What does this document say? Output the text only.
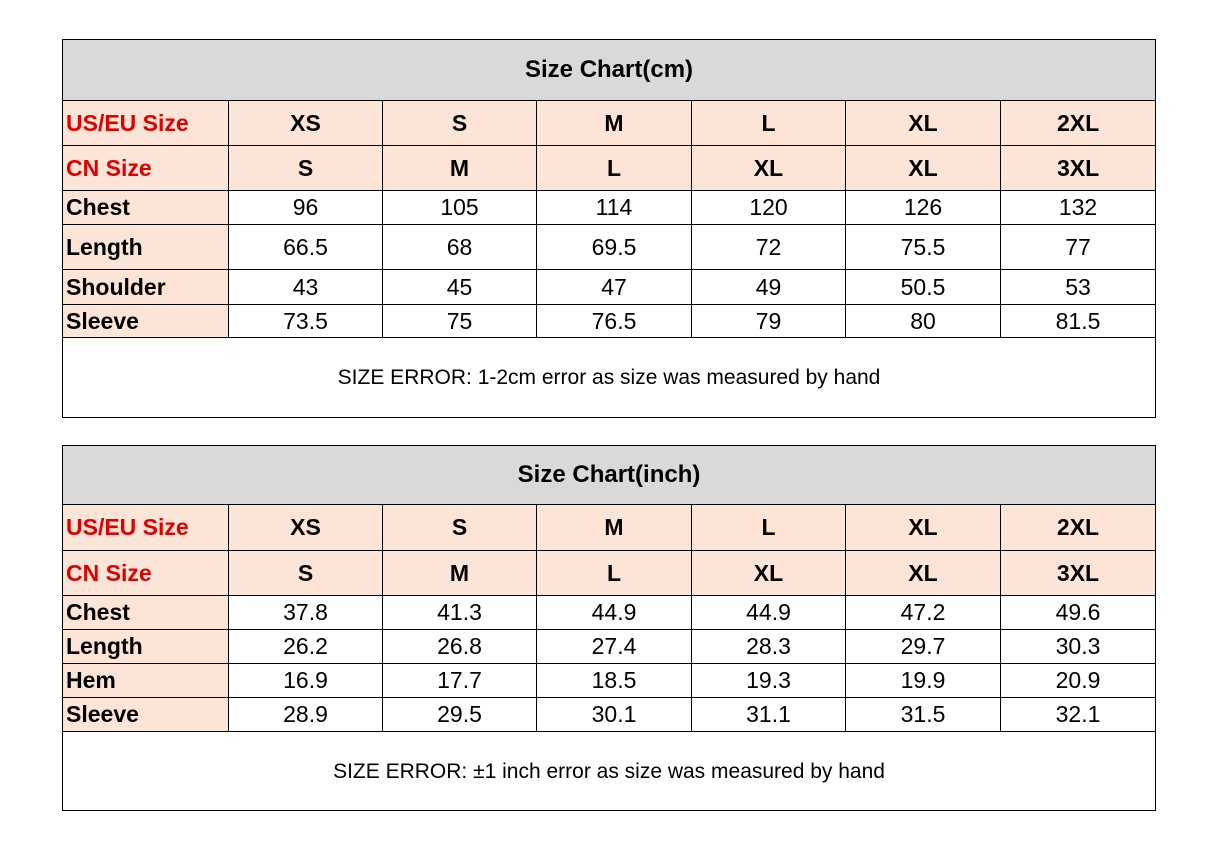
Size Chart(cm)						
US/EU Size	XS	S	M	L	XL	2XL
CN Size	S	M	L	XL	XL	3XL
Chest	96	105	114	120	126	132
Length	66.5	68	69.5	72	75.5	77
Shoulder	43	45	47	49	50.5	53
Sleeve	73.5	75	76.5	79	80	81.5
SIZE ERROR: 1-2cm error as size was measured by hand						
Size Chart(inch)						
US/EU Size	XS	S	M	L	XL	2XL
CN Size	S	M	L	XL	XL	3XL
Chest	37.8	41.3	44.9	44.9	47.2	49.6
Length	26.2	26.8	27.4	28.3	29.7	30.3
Hem	16.9	17.7	18.5	19.3	19.9	20.9
Sleeve	28.9	29.5	30.1	31.1	31.5	32.1
SIZE ERROR: ±1 inch error as size was measured by hand						
